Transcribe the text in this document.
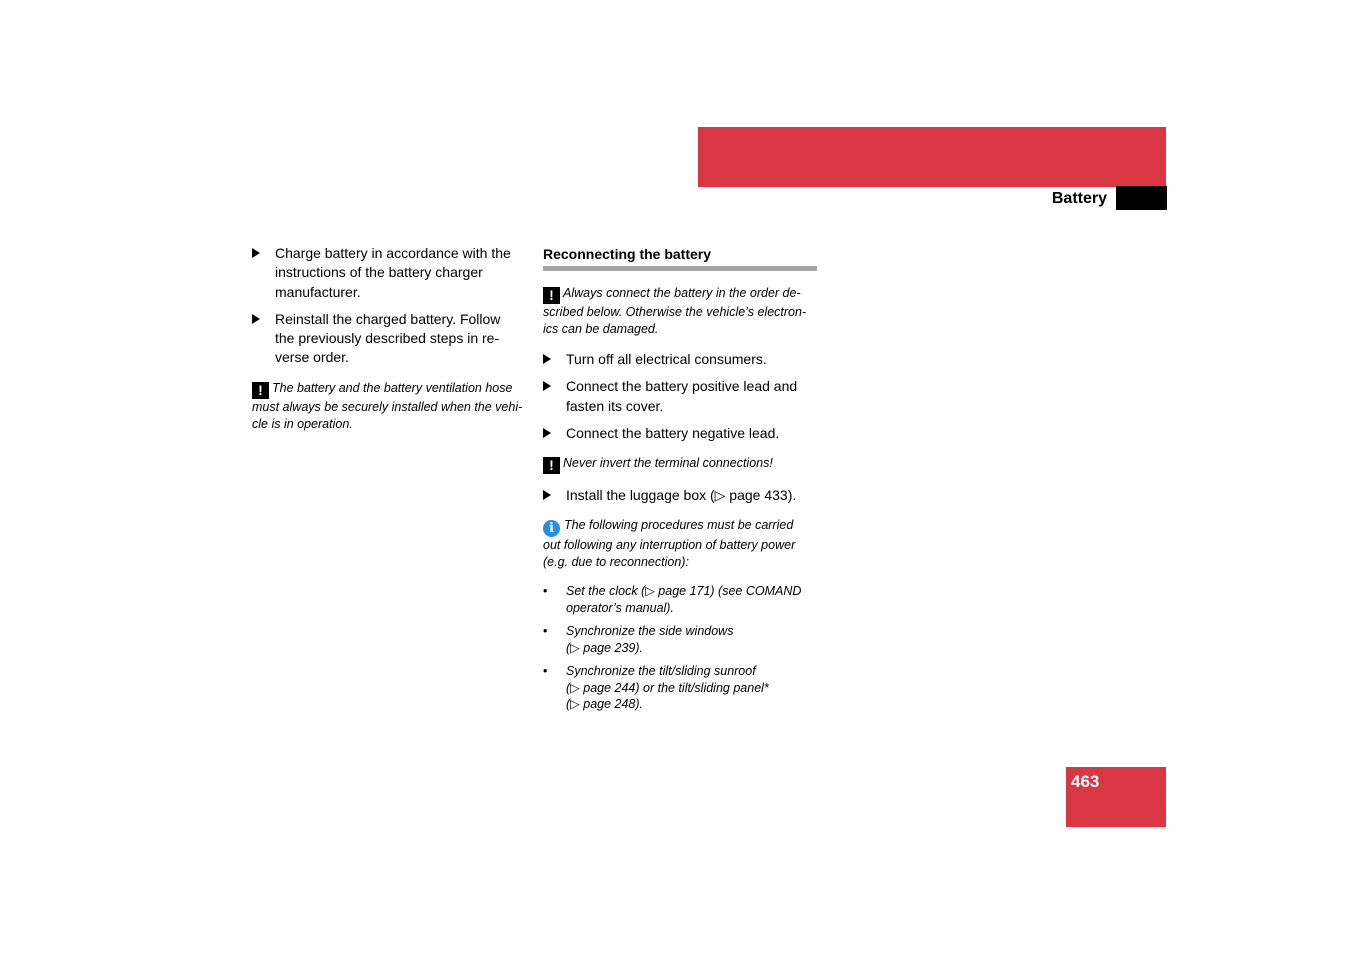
Practical hints
Battery
Charge battery in accordance with the
instructions of the battery charger
manufacturer.
Reinstall the charged battery. Follow
the previously described steps in re-
verse order.
! The battery and the battery ventilation hose
must always be securely installed when the vehi-
cle is in operation.
Reconnecting the battery
! Always connect the battery in the order de-
scribed below. Otherwise the vehicle’s electron-
ics can be damaged.
Turn off all electrical consumers.
Connect the battery positive lead and
fasten its cover.
Connect the battery negative lead.
! Never invert the terminal connections!
Install the luggage box (▷ page 433).
i The following procedures must be carried
out following any interruption of battery power
(e.g. due to reconnection):
• Set the clock (▷ page 171) (see COMAND
operator’s manual).
• Synchronize the side windows
(▷ page 239).
• Synchronize the tilt/sliding sunroof
(▷ page 244) or the tilt/sliding panel*
(▷ page 248).
463
